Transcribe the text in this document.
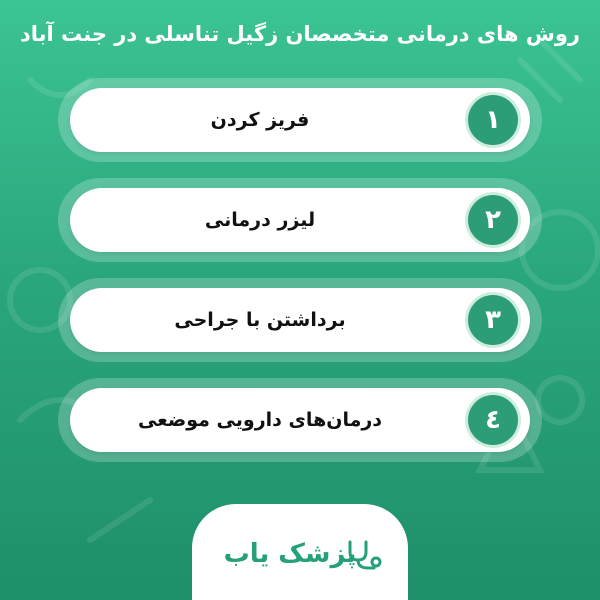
روش های درمانی متخصصان زگیل تناسلی در جنت آباد
فریز کردن	١
لیزر درمانی	٢
برداشتن با جراحی	٣
درمان‌های دارویی موضعی	٤
پزشک یاب
